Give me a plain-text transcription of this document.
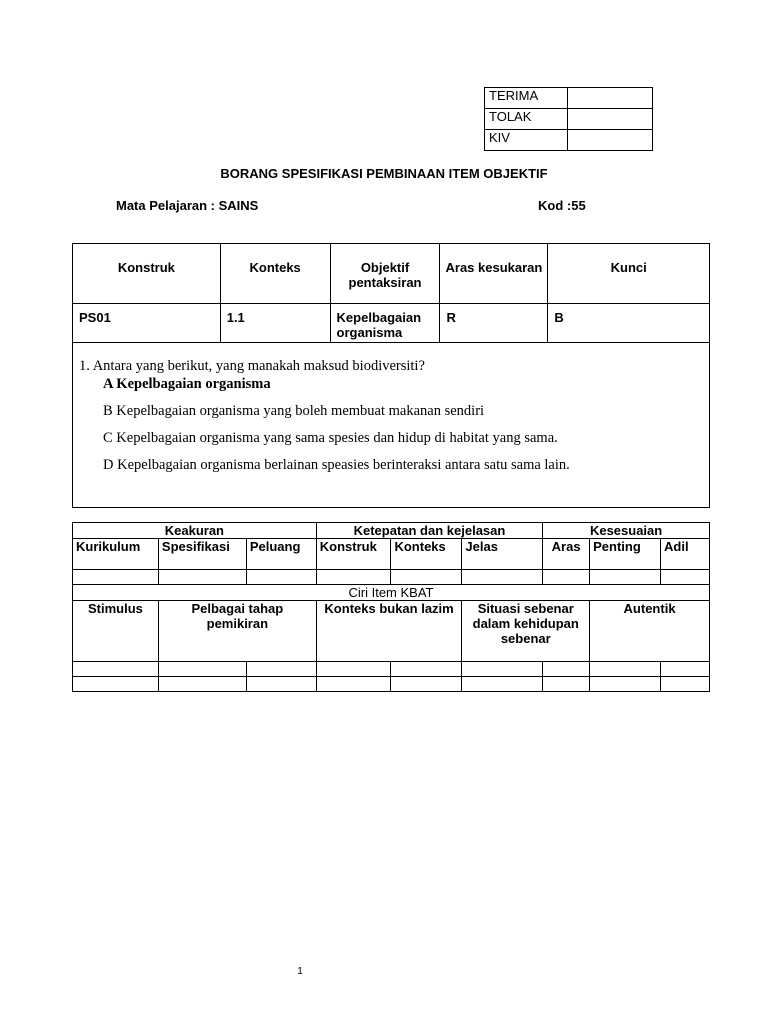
TERIMA	
TOLAK	
KIV	
BORANG SPESIFIKASI PEMBINAAN ITEM OBJEKTIF
Mata Pelajaran : SAINS	Kod :55
Konstruk	Konteks	Objektif pentaksiran	Aras kesukaran	Kunci
PS01	1.1	Kepelbagaian organisma	R	B

1. Antara yang berikut, yang manakah maksud biodiversiti?
A Kepelbagaian organisma
B Kepelbagaian organisma yang boleh membuat makanan sendiri
C Kepelbagaian organisma yang sama spesies dan hidup di habitat yang sama.
D Kepelbagaian organisma berlainan speasies berinteraksi antara satu sama lain.				
Keakuran			Ketepatan dan kejelasan			Kesesuaian		
Kurikulum	Spesifikasi	Peluang	Konstruk	Konteks	Jelas	Aras	Penting	Adil

Ciri Item KBAT								
Stimulus	Pelbagai tahap pemikiran		Konteks bukan lazim		Situasi sebenar dalam kehidupan sebenar		Autentik	

1
